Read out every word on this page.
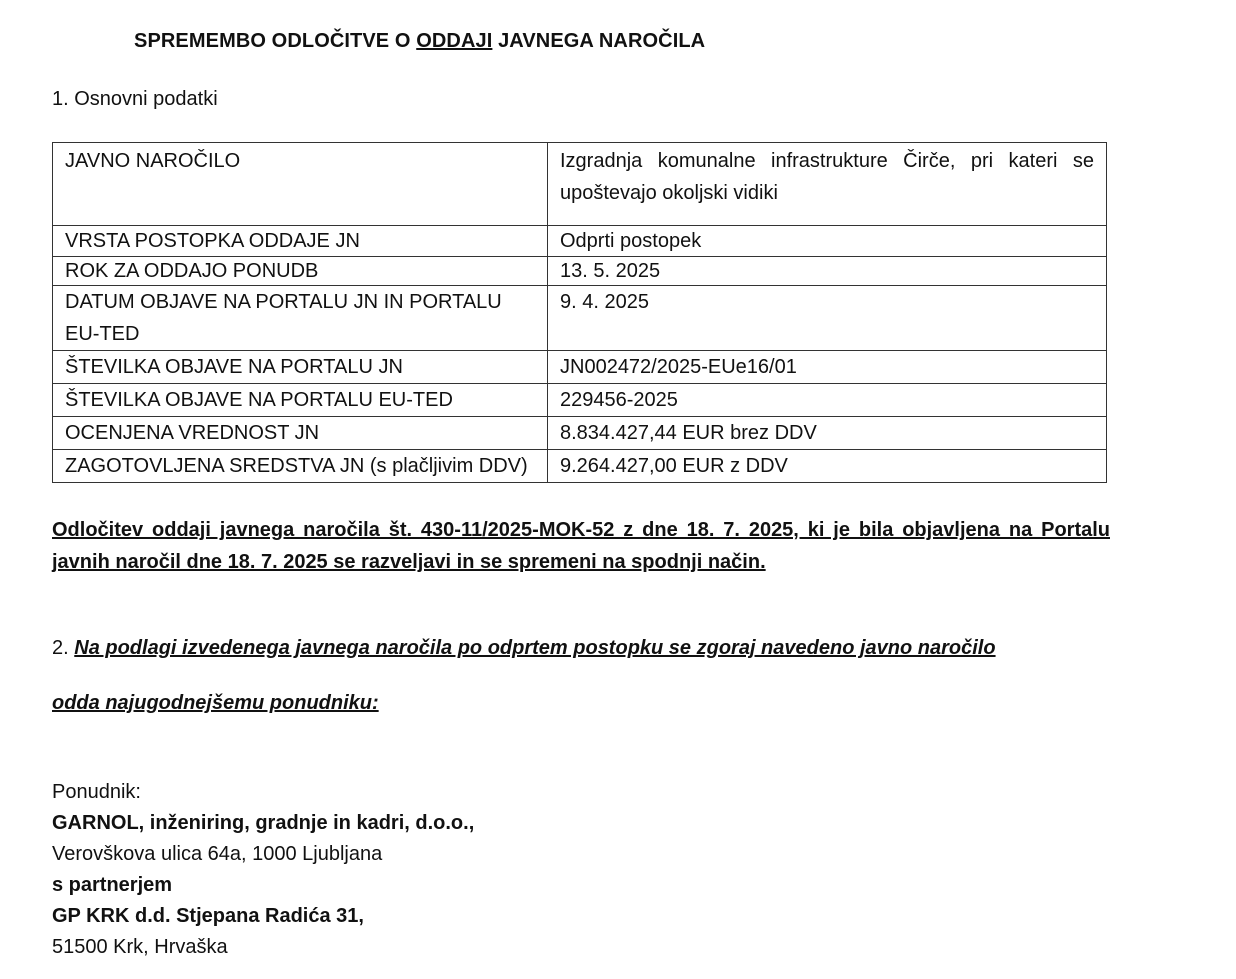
SPREMEMBO ODLOČITVE O ODDAJI JAVNEGA NAROČILA
1. Osnovni podatki
JAVNO NAROČILO	Izgradnja komunalne infrastrukture Čirče, pri kateri se upoštevajo okoljski vidiki
VRSTA POSTOPKA ODDAJE JN	Odprti postopek
ROK ZA ODDAJO PONUDB	13. 5. 2025
DATUM OBJAVE NA PORTALU JN IN PORTALU EU-TED	9. 4. 2025
ŠTEVILKA OBJAVE NA PORTALU JN	JN002472/2025-EUe16/01
ŠTEVILKA OBJAVE NA PORTALU EU-TED	229456-2025
OCENJENA VREDNOST JN	8.834.427,44 EUR brez DDV
ZAGOTOVLJENA SREDSTVA JN (s plačljivim DDV)	9.264.427,00 EUR z DDV
Odločitev oddaji javnega naročila št. 430-11/2025-MOK-52 z dne 18. 7. 2025, ki je bila objavljena na Portalu javnih naročil dne 18. 7. 2025 se razveljavi in se spremeni na spodnji način.
2. Na podlagi izvedenega javnega naročila po odprtem postopku se zgoraj navedeno javno naročilo
odda najugodnejšemu ponudniku:
Ponudnik:
GARNOL, inženiring, gradnje in kadri, d.o.o.,
Verovškova ulica 64a, 1000 Ljubljana
s partnerjem
GP KRK d.d. Stjepana Radića 31,
51500 Krk, Hrvaška
